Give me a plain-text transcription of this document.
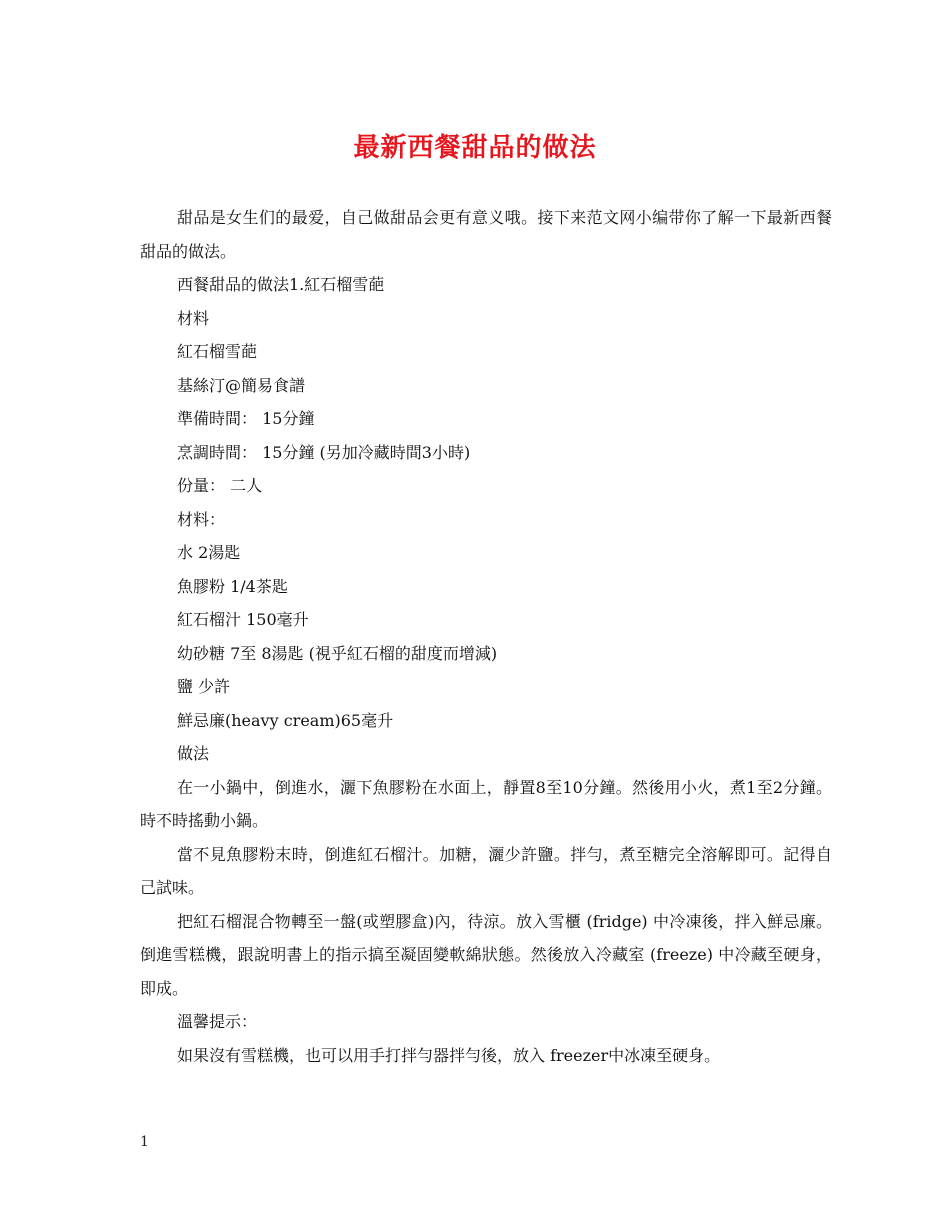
最新西餐甜品的做法

甜品是女生们的最爱，自己做甜品会更有意义哦。接下来范文网小编带你了解一下最新西餐甜品的做法。

西餐甜品的做法1.紅石榴雪葩

材料

紅石榴雪葩

基絲汀@簡易食譜

準備時間： 15分鐘

烹調時間： 15分鐘 (另加冷藏時間3小時)

份量： 二人

材料：

水 2湯匙

魚膠粉 1/4茶匙

紅石榴汁 150毫升

幼砂糖 7至 8湯匙 (視乎紅石榴的甜度而增減)

鹽 少許

鮮忌廉(heavy cream)65毫升

做法

在一小鍋中，倒進水，灑下魚膠粉在水面上，靜置8至10分鐘。然後用小火，煮1至2分鐘。時不時搖動小鍋。

當不見魚膠粉末時，倒進紅石榴汁。加糖，灑少許鹽。拌勻，煮至糖完全溶解即可。記得自己試味。

把紅石榴混合物轉至一盤(或塑膠盒)內，待涼。放入雪櫃 (fridge) 中冷凍後，拌入鮮忌廉。倒進雪糕機，跟說明書上的指示搞至凝固變軟綿狀態。然後放入冷藏室 (freeze) 中冷藏至硬身，即成。

溫馨提示：

如果沒有雪糕機，也可以用手打拌勻器拌勻後，放入 freezer中冰凍至硬身。

1
